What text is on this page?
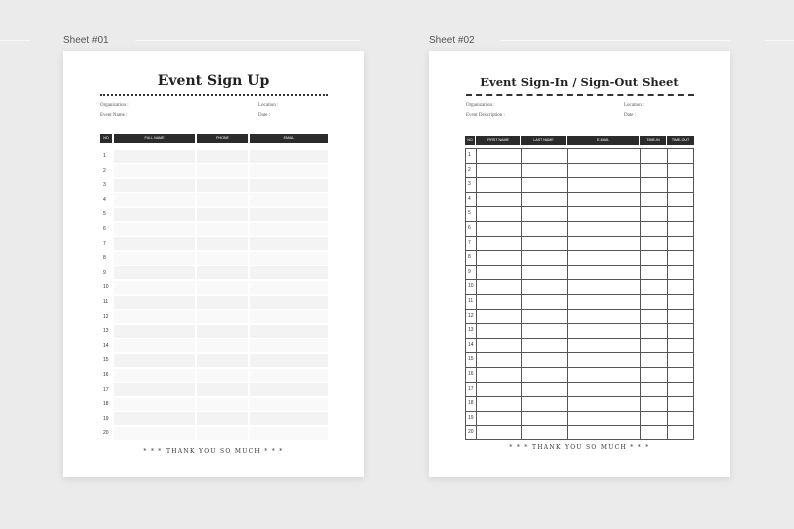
Sheet #01
Event Sign Up
Organization :
Event Name :
Location :
Date :
NO	FULL NAME	PHONE	EMAIL
1
2
3
4
5
6
7
8
9
10
11
12
13
14
15
16
17
18
19
20
* * * THANK YOU SO MUCH * * *
Sheet #02
Event Sign-In / Sign-Out Sheet
Organization :
Event Description :
Location :
Date :
NO	FIRST NAME	LAST NAME	E-MAIL	TIME-IN	TIME-OUT
1
2
3
4
5
6
7
8
9
10
11
12
13
14
15
16
17
18
19
20
* * * THANK YOU SO MUCH * * *
